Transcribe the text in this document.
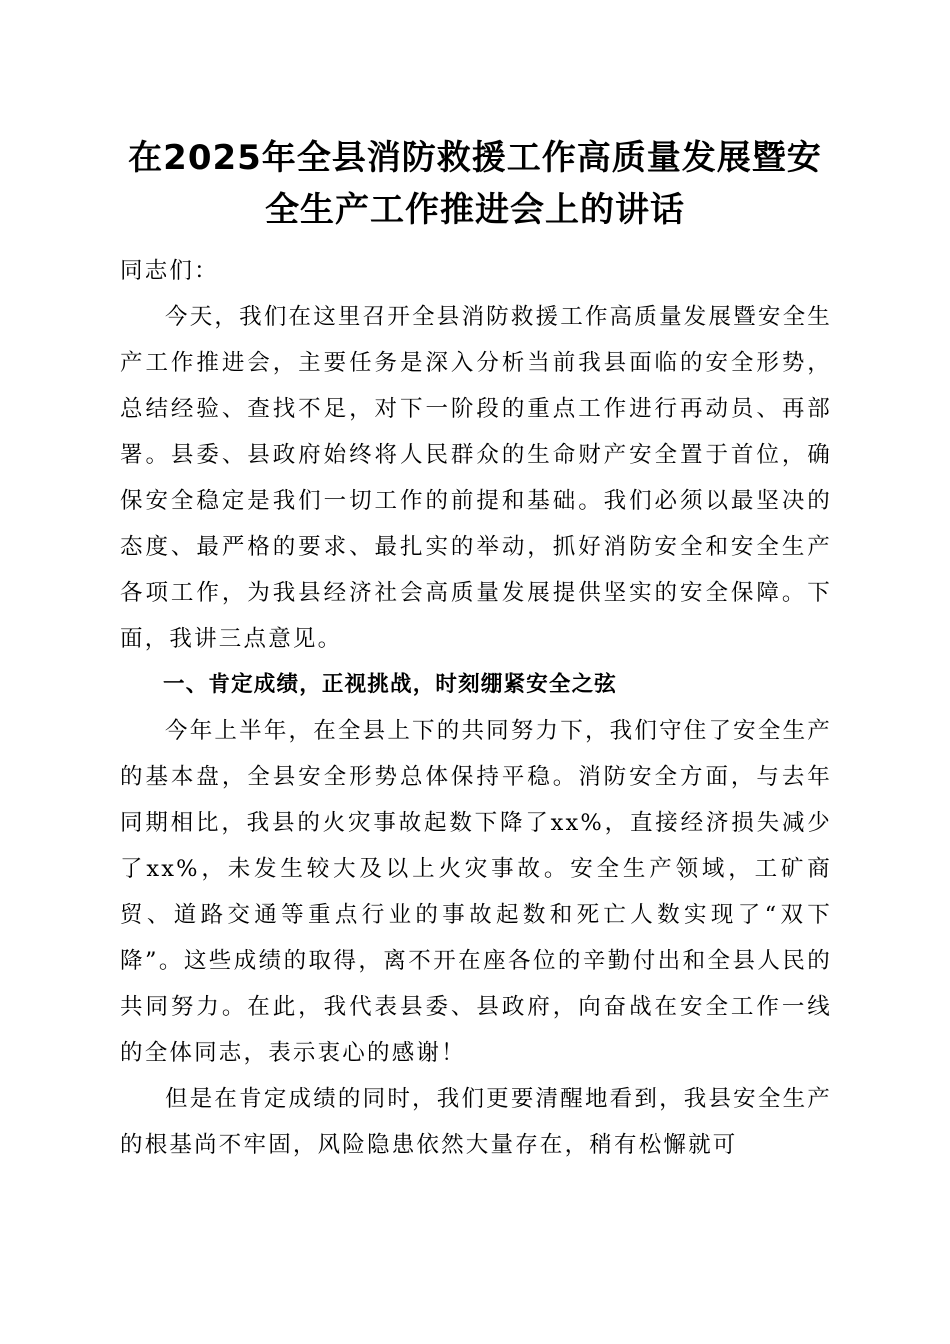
在2025年全县消防救援工作高质量发展暨安
全生产工作推进会上的讲话

同志们：

今天，我们在这里召开全县消防救援工作高质量发展暨安全生产工作推进会，主要任务是深入分析当前我县面临的安全形势，总结经验、查找不足，对下一阶段的重点工作进行再动员、再部署。县委、县政府始终将人民群众的生命财产安全置于首位，确保安全稳定是我们一切工作的前提和基础。我们必须以最坚决的态度、最严格的要求、最扎实的举动，抓好消防安全和安全生产各项工作，为我县经济社会高质量发展提供坚实的安全保障。下面，我讲三点意见。

一、肯定成绩，正视挑战，时刻绷紧安全之弦

今年上半年，在全县上下的共同努力下，我们守住了安全生产的基本盘，全县安全形势总体保持平稳。消防安全方面，与去年同期相比，我县的火灾事故起数下降了xx%，直接经济损失减少了xx%，未发生较大及以上火灾事故。安全生产领域，工矿商贸、道路交通等重点行业的事故起数和死亡人数实现了“双下降”。这些成绩的取得，离不开在座各位的辛勤付出和全县人民的共同努力。在此，我代表县委、县政府，向奋战在安全工作一线的全体同志，表示衷心的感谢！

但是在肯定成绩的同时，我们更要清醒地看到，我县安全生产的根基尚不牢固，风险隐患依然大量存在，稍有松懈就可
